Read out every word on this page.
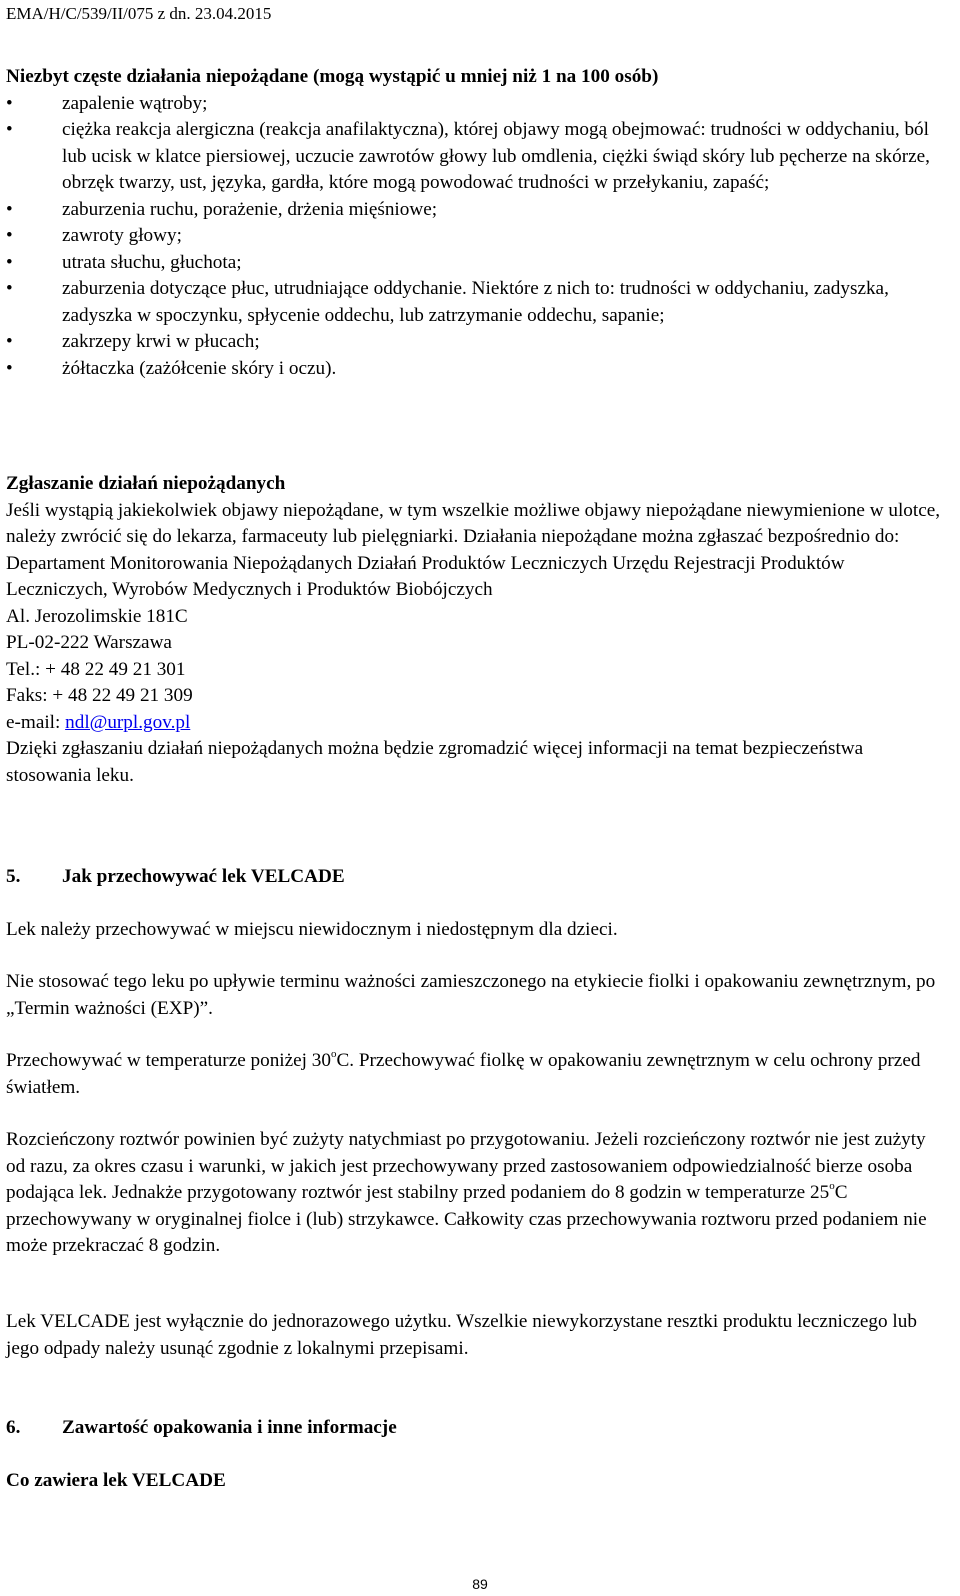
EMA/H/C/539/II/075 z dn. 23.04.2015
Niezbyt częste działania niepożądane (mogą wystąpić u mniej niż 1 na 100 osób)
• zapalenie wątroby;
• ciężka reakcja alergiczna (reakcja anafilaktyczna), której objawy mogą obejmować: trudności w oddychaniu, ból lub ucisk w klatce piersiowej, uczucie zawrotów głowy lub omdlenia, ciężki świąd skóry lub pęcherze na skórze, obrzęk twarzy, ust, języka, gardła, które mogą powodować trudności w przełykaniu, zapaść;
• zaburzenia ruchu, porażenie, drżenia mięśniowe;
• zawroty głowy;
• utrata słuchu, głuchota;
• zaburzenia dotyczące płuc, utrudniające oddychanie. Niektóre z nich to: trudności w oddychaniu, zadyszka, zadyszka w spoczynku, spłycenie oddechu, lub zatrzymanie oddechu, sapanie;
• zakrzepy krwi w płucach;
• żółtaczka (zażółcenie skóry i oczu).
Zgłaszanie działań niepożądanych
Jeśli wystąpią jakiekolwiek objawy niepożądane, w tym wszelkie możliwe objawy niepożądane niewymienione w ulotce, należy zwrócić się do lekarza, farmaceuty lub pielęgniarki. Działania niepożądane można zgłaszać bezpośrednio do:
Departament Monitorowania Niepożądanych Działań Produktów Leczniczych Urzędu Rejestracji Produktów Leczniczych, Wyrobów Medycznych i Produktów Biobójczych
Al. Jerozolimskie 181C
PL-02-222 Warszawa
Tel.: + 48 22 49 21 301
Faks: + 48 22 49 21 309
e-mail: ndl@urpl.gov.pl
Dzięki zgłaszaniu działań niepożądanych można będzie zgromadzić więcej informacji na temat bezpieczeństwa stosowania leku.
5.	Jak przechowywać lek VELCADE
Lek należy przechowywać w miejscu niewidocznym i niedostępnym dla dzieci.
Nie stosować tego leku po upływie terminu ważności zamieszczonego na etykiecie fiolki i opakowaniu zewnętrznym, po „Termin ważności (EXP)”.
Przechowywać w temperaturze poniżej 30$^o$C. Przechowywać fiolkę w opakowaniu zewnętrznym w celu ochrony przed światłem.
Rozcieńczony roztwór powinien być zużyty natychmiast po przygotowaniu. Jeżeli rozcieńczony roztwór nie jest zużyty od razu, za okres czasu i warunki, w jakich jest przechowywany przed zastosowaniem odpowiedzialność bierze osoba podająca lek. Jednakże przygotowany roztwór jest stabilny przed podaniem do 8 godzin w temperaturze 25$^o$C przechowywany w oryginalnej fiolce i (lub) strzykawce. Całkowity czas przechowywania roztworu przed podaniem nie może przekraczać 8 godzin.
Lek VELCADE jest wyłącznie do jednorazowego użytku. Wszelkie niewykorzystane resztki produktu leczniczego lub jego odpady należy usunąć zgodnie z lokalnymi przepisami.
6.	Zawartość opakowania i inne informacje
Co zawiera lek VELCADE
89
